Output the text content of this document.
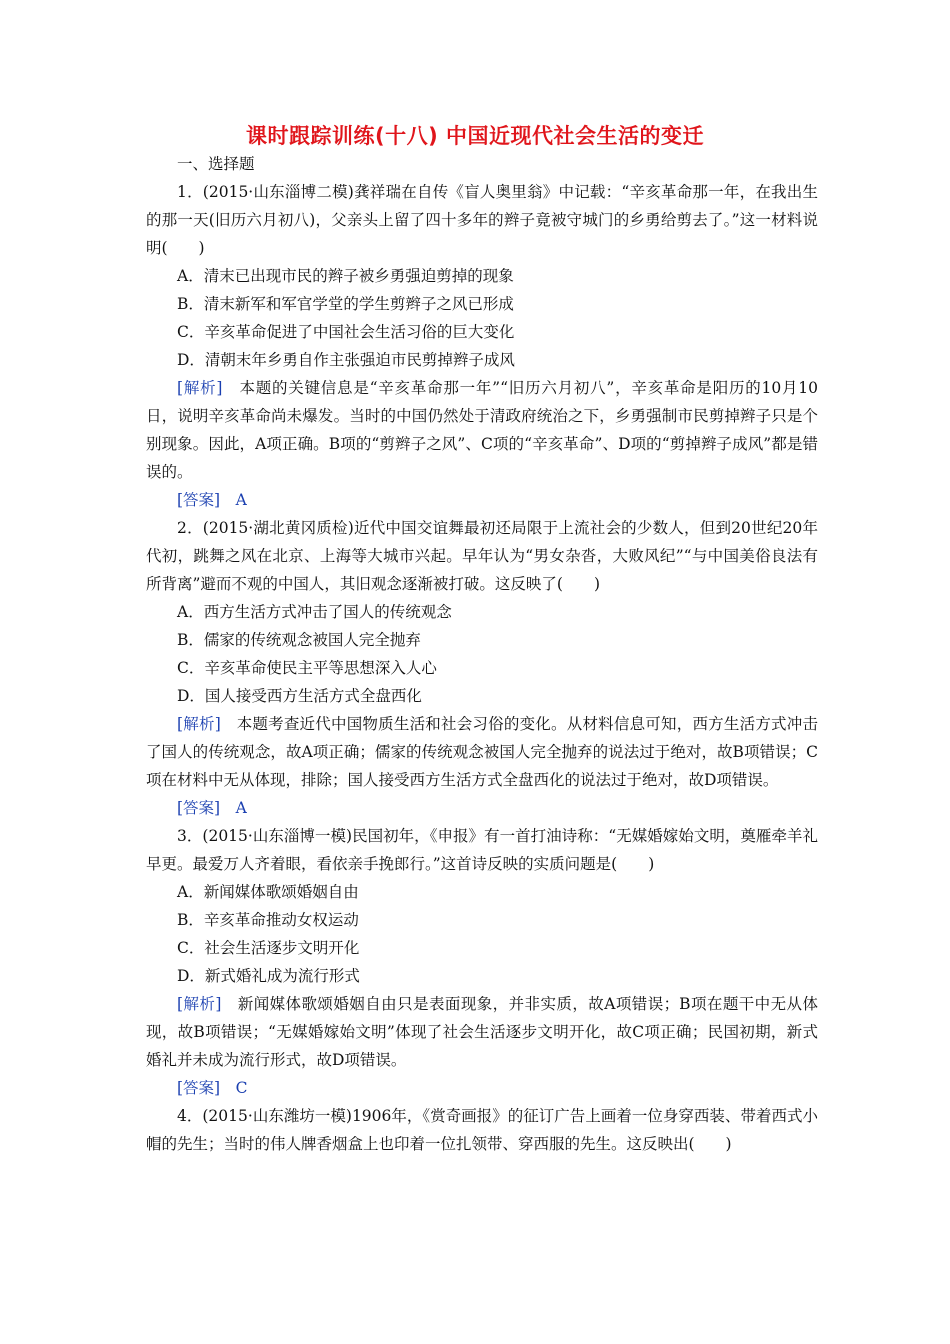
课时跟踪训练(十八) 中国近现代社会生活的变迁

一、选择题

1．(2015·山东淄博二模)龚祥瑞在自传《盲人奥里翁》中记载：“辛亥革命那一年，在我出生的那一天(旧历六月初八)，父亲头上留了四十多年的辫子竟被守城门的乡勇给剪去了。”这一材料说明(　　)

A．清末已出现市民的辫子被乡勇强迫剪掉的现象

B．清末新军和军官学堂的学生剪辫子之风已形成

C．辛亥革命促进了中国社会生活习俗的巨大变化

D．清朝末年乡勇自作主张强迫市民剪掉辫子成风

[解析]　 本题的关键信息是“辛亥革命那一年”“旧历六月初八”，辛亥革命是阳历的10月10日，说明辛亥革命尚未爆发。当时的中国仍然处于清政府统治之下，乡勇强制市民剪掉辫子只是个别现象。因此，A项正确。B项的“剪辫子之风”、C项的“辛亥革命”、D项的“剪掉辫子成风”都是错误的。

[答案]　 A

2．(2015·湖北黄冈质检)近代中国交谊舞最初还局限于上流社会的少数人，但到20世纪20年代初，跳舞之风在北京、上海等大城市兴起。早年认为“男女杂沓，大败风纪”“与中国美俗良法有所背离”避而不观的中国人，其旧观念逐渐被打破。这反映了(　　)

A．西方生活方式冲击了国人的传统观念

B．儒家的传统观念被国人完全抛弃

C．辛亥革命使民主平等思想深入人心

D．国人接受西方生活方式全盘西化

[解析]　 本题考查近代中国物质生活和社会习俗的变化。从材料信息可知，西方生活方式冲击了国人的传统观念，故A项正确；儒家的传统观念被国人完全抛弃的说法过于绝对，故B项错误；C项在材料中无从体现，排除；国人接受西方生活方式全盘西化的说法过于绝对，故D项错误。

[答案]　 A

3．(2015·山东淄博一模)民国初年，《申报》有一首打油诗称：“无媒婚嫁始文明，奠雁牵羊礼早更。最爱万人齐着眼，看依亲手挽郎行。”这首诗反映的实质问题是(　　)

A．新闻媒体歌颂婚姻自由

B．辛亥革命推动女权运动

C．社会生活逐步文明开化

D．新式婚礼成为流行形式

[解析]　 新闻媒体歌颂婚姻自由只是表面现象，并非实质，故A项错误；B项在题干中无从体现，故B项错误；“无媒婚嫁始文明”体现了社会生活逐步文明开化，故C项正确；民国初期，新式婚礼并未成为流行形式，故D项错误。

[答案]　 C

4．(2015·山东潍坊一模)1906年，《赏奇画报》的征订广告上画着一位身穿西装、带着西式小帽的先生；当时的伟人牌香烟盒上也印着一位扎领带、穿西服的先生。这反映出(　　)
